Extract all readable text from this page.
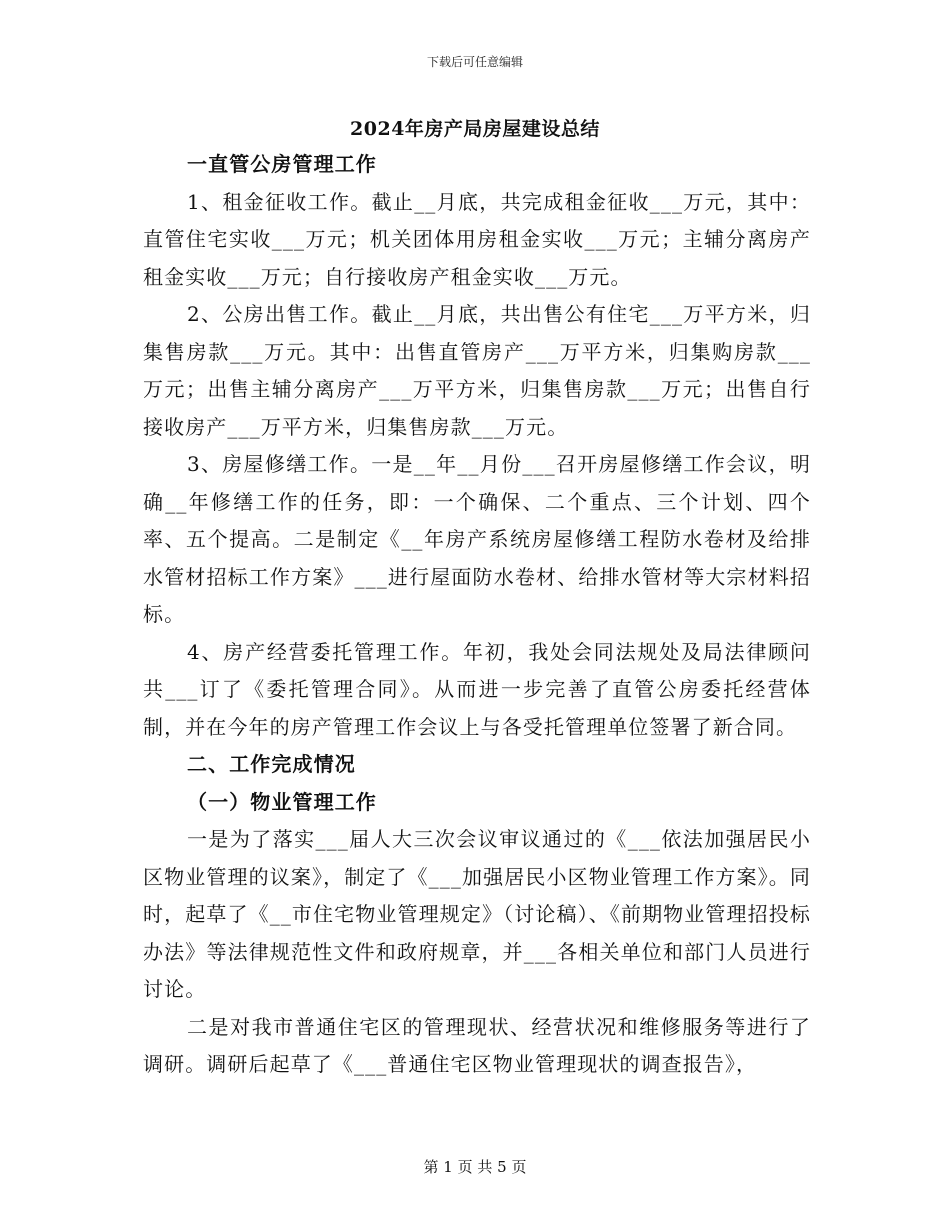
下载后可任意编辑
2024年房产局房屋建设总结

一直管公房管理工作

1、租金征收工作。截止__月底，共完成租金征收___万元，其中：直管住宅实收___万元；机关团体用房租金实收___万元；主辅分离房产租金实收___万元；自行接收房产租金实收___万元。

2、公房出售工作。截止__月底，共出售公有住宅___万平方米，归集售房款___万元。其中：出售直管房产___万平方米，归集购房款___万元；出售主辅分离房产___万平方米，归集售房款___万元；出售自行接收房产___万平方米，归集售房款___万元。

3、房屋修缮工作。一是__年__月份___召开房屋修缮工作会议，明确__年修缮工作的任务，即：一个确保、二个重点、三个计划、四个率、五个提高。二是制定《__年房产系统房屋修缮工程防水卷材及给排水管材招标工作方案》___进行屋面防水卷材、给排水管材等大宗材料招标。

4、房产经营委托管理工作。年初，我处会同法规处及局法律顾问共___订了《委托管理合同》。从而进一步完善了直管公房委托经营体制，并在今年的房产管理工作会议上与各受托管理单位签署了新合同。

二、工作完成情况

（一）物业管理工作

一是为了落实___届人大三次会议审议通过的《___依法加强居民小区物业管理的议案》，制定了《___加强居民小区物业管理工作方案》。同时，起草了《__市住宅物业管理规定》（讨论稿）、《前期物业管理招投标办法》等法律规范性文件和政府规章，并___各相关单位和部门人员进行讨论。

二是对我市普通住宅区的管理现状、经营状况和维修服务等进行了调研。调研后起草了《___普通住宅区物业管理现状的调查报告》，

第 1 页 共 5 页
